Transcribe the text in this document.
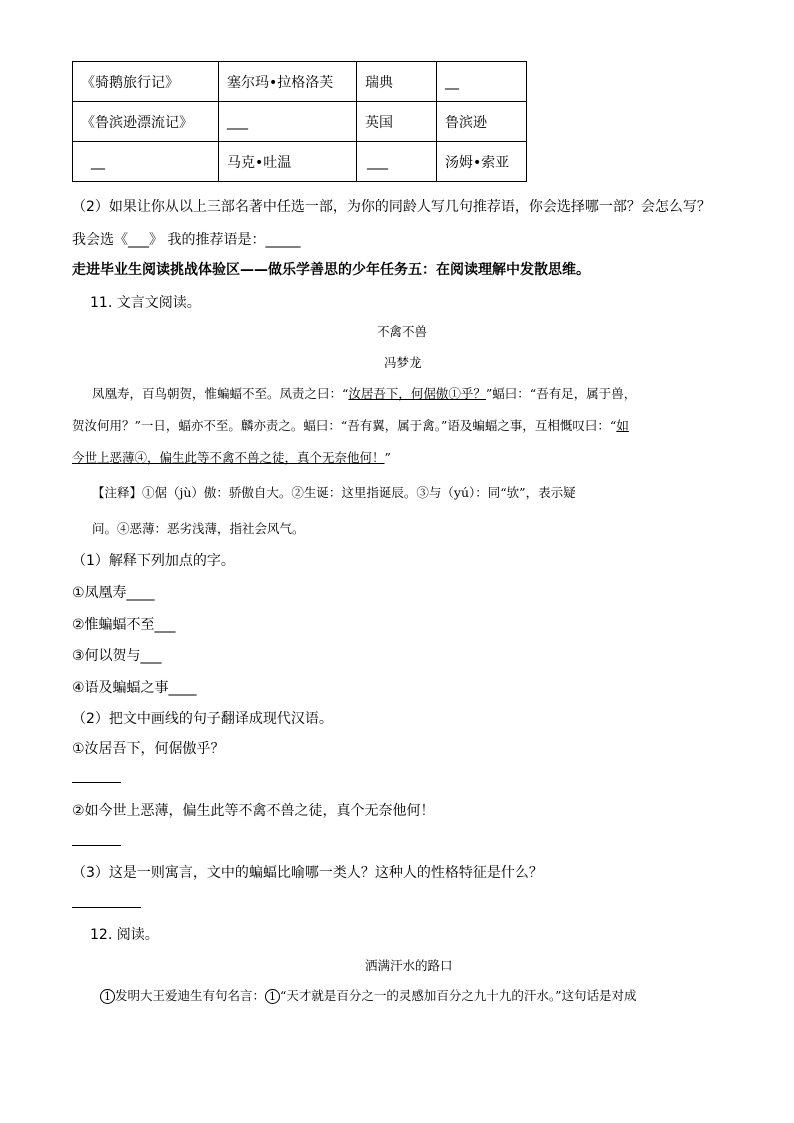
《骑鹅旅行记》	塞尔玛•拉格洛芙	瑞典	__
《鲁滨逊漂流记》	___	英国	鲁滨逊
__	马克•吐温	___	汤姆•索亚
（2）如果让你从以上三部名著中任选一部，为你的同龄人写几句推荐语，你会选择哪一部？会怎么写？
我会选《___》 我的推荐语是：_____
走进毕业生阅读挑战体验区——做乐学善思的少年任务五：在阅读理解中发散思维。
11. 文言文阅读。
不禽不兽
冯梦龙
凤凰寿，百鸟朝贺，惟蝙蝠不至。凤责之曰：“汝居吾下，何倨傲①乎？”蝠曰：“吾有足，属于兽，
贺汝何用？”一日，蝠亦不至。麟亦责之。蝠曰：“吾有翼，属于禽。”语及蝙蝠之事，互相慨叹曰：“如
今世上恶薄④，偏生此等不禽不兽之徒，真个无奈他何！”
【注释】①倨（jù）傲：骄傲自大。②生诞：这里指诞辰。③与（yú）：同“欤”，表示疑
问。④恶薄：恶劣浅薄，指社会风气。
（1）解释下列加点的字。
①凤凰寿____
②惟蝙蝠不至___
③何以贺与___
④语及蝙蝠之事____
（2）把文中画线的句子翻译成现代汉语。
①汝居吾下，何倨傲乎？
②如今世上恶薄，偏生此等不禽不兽之徒，真个无奈他何！
（3）这是一则寓言，文中的蝙蝠比喻哪一类人？这种人的性格特征是什么？
12. 阅读。
洒满汗水的路口
1 发明大王爱迪生有句名言： 1 “天才就是百分之一的灵感加百分之九十九的汗水。”这句话是对成
